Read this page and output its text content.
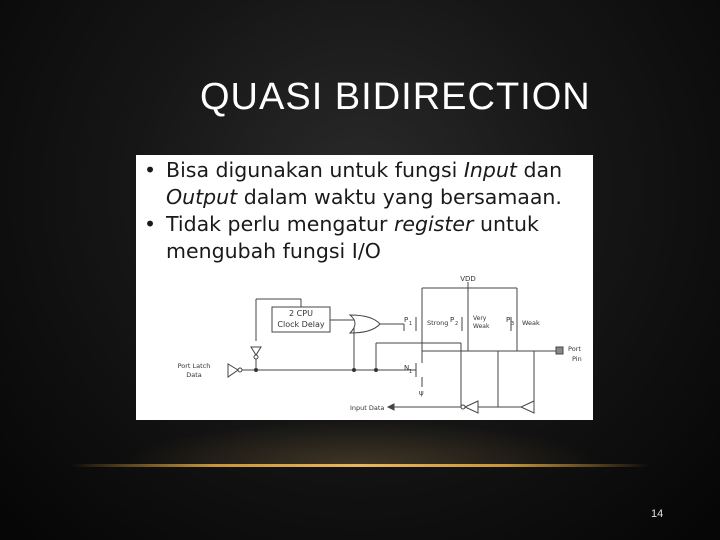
QUASI BIDIRECTION
• Bisa digunakan untuk fungsi Input dan
Output dalam waktu yang bersamaan.
• Tidak perlu mengatur register untuk mengubah fungsi I/O
VDD
2 CPU
Clock Delay	P 1 Strong P 2
Very
Weak
P 3 Weak
N 1
ψ
Port
Pin
Port Latch
Data
Input Data
14
